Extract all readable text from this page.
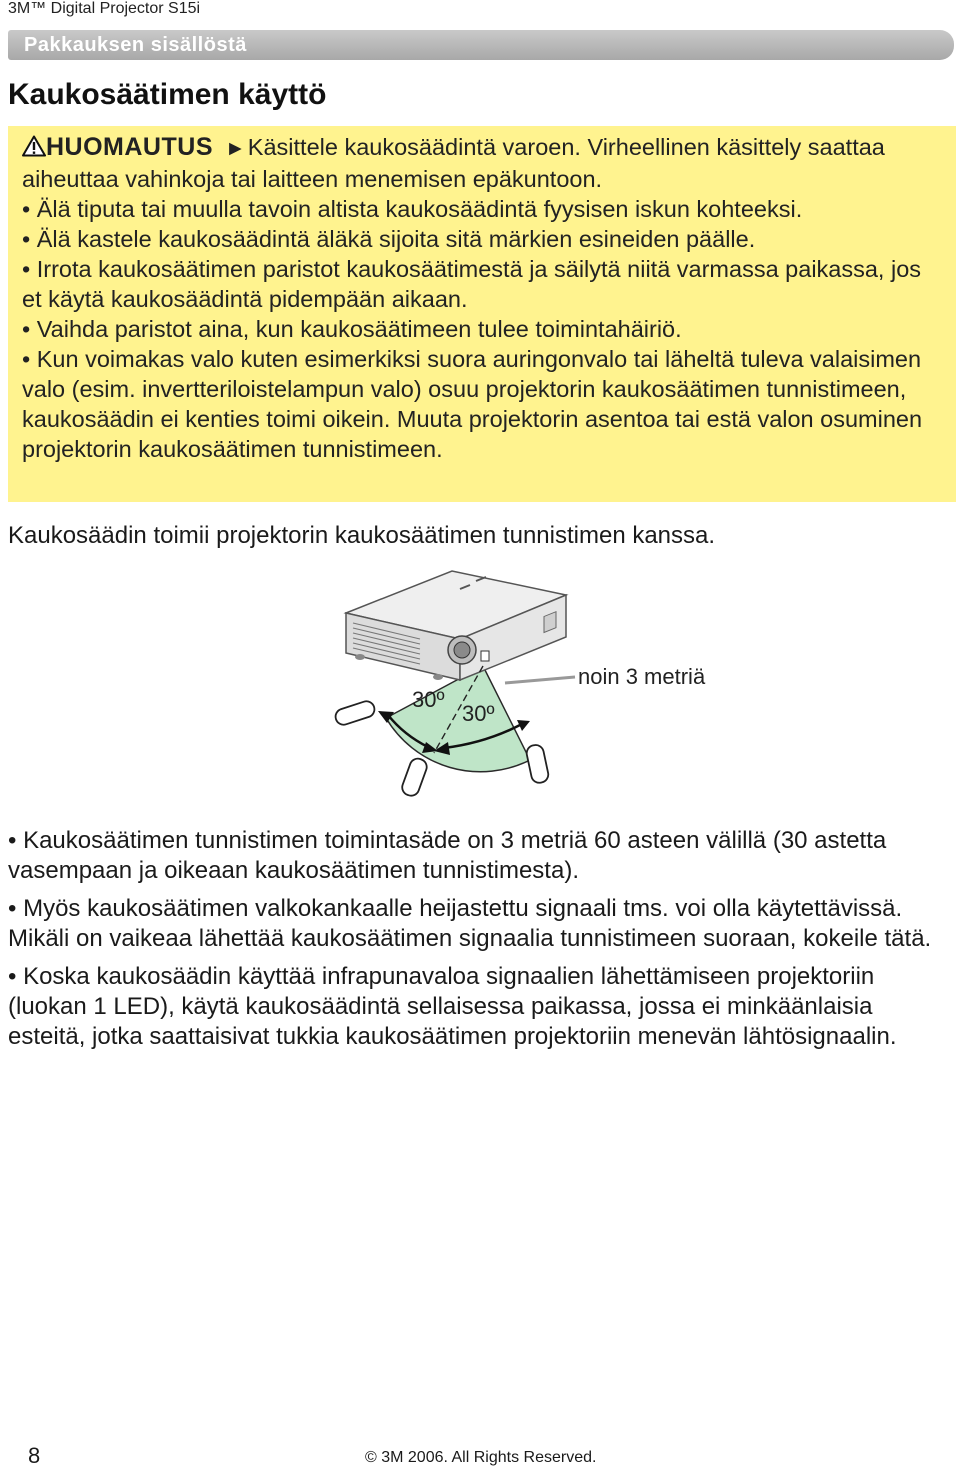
3M™ Digital Projector S15i
Pakkauksen sisällöstä
Kaukosäätimen käyttö

HUOMAUTUS ►Käsittele kaukosäädintä varoen. Virheellinen käsittely saattaa aiheuttaa vahinkoja tai laitteen menemisen epäkuntoon.

• Älä tiputa tai muulla tavoin altista kaukosäädintä fyysisen iskun kohteeksi.

• Älä kastele kaukosäädintä äläkä sijoita sitä märkien esineiden päälle.

• Irrota kaukosäätimen paristot kaukosäätimestä ja säilytä niitä varmassa paikassa, jos et käytä kaukosäädintä pidempään aikaan.

• Vaihda paristot aina, kun kaukosäätimeen tulee toimintahäiriö.

• Kun voimakas valo kuten esimerkiksi suora auringonvalo tai läheltä tuleva valaisimen valo (esim. invertteriloistelampun valo) osuu projektorin kaukosäätimen tunnistimeen, kaukosäädin ei kenties toimi oikein. Muuta projektorin asentoa tai estä valon osuminen projektorin kaukosäätimen tunnistimeen.

Kaukosäädin toimii projektorin kaukosäätimen tunnistimen kanssa.

30º
30º
noin 3 metriä
• Kaukosäätimen tunnistimen toimintasäde on 3 metriä 60 asteen välillä (30 astetta vasempaan ja oikeaan kaukosäätimen tunnistimesta).
• Myös kaukosäätimen valkokankaalle heijastettu signaali tms. voi olla käytettävissä. Mikäli on vaikeaa lähettää kaukosäätimen signaalia tunnistimeen suoraan, kokeile tätä.
• Koska kaukosäädin käyttää infrapunavaloa signaalien lähettämiseen projektoriin (luokan 1 LED), käytä kaukosäädintä sellaisessa paikassa, jossa ei minkäänlaisia esteitä, jotka saattaisivat tukkia kaukosäätimen projektoriin menevän lähtösignaalin.
8	© 3M 2006. All Rights Reserved.
